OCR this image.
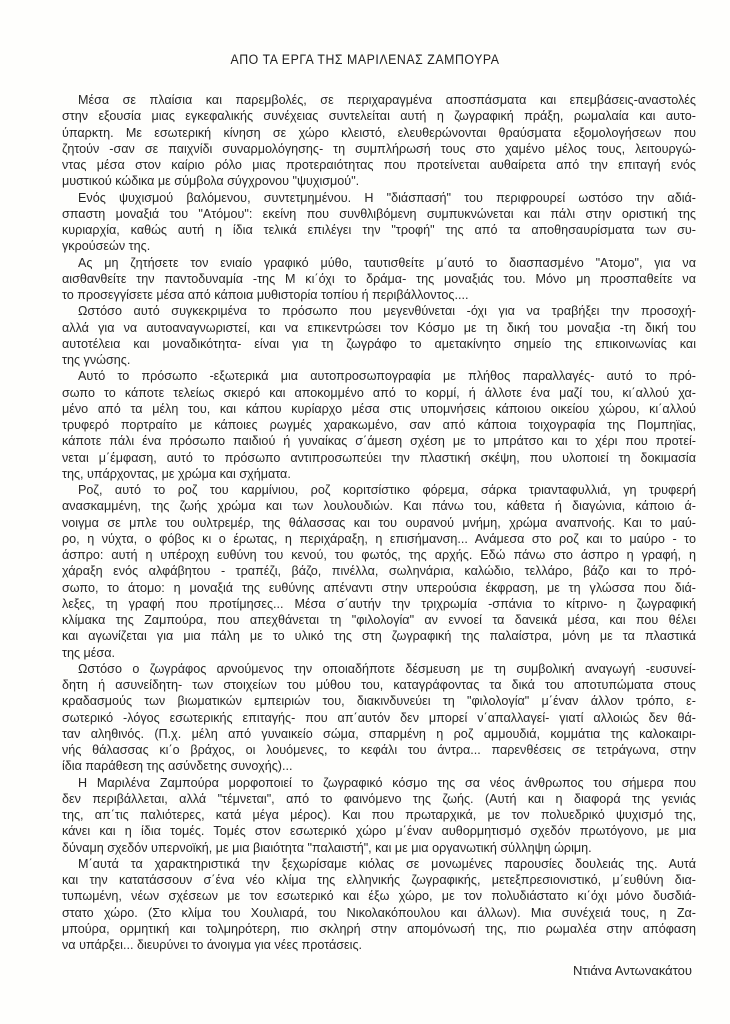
ΑΠΟ ΤΑ ΕΡΓΑ ΤΗΣ ΜΑΡΙΛΕΝΑΣ ΖΑΜΠΟΥΡΑ
Μέσα σε πλαίσια και παρεμβολές, σε περιχαραγμένα αποσπάσματα και επεμβάσεις-αναστολές
στην εξουσία μιας εγκεφαλικής συνέχειας συντελείται αυτή η ζωγραφική πράξη, ρωμαλαία και αυτο-
ύπαρκτη. Με εσωτερική κίνηση σε χώρο κλειστό, ελευθερώνονται θραύσματα εξομολογήσεων που
ζητούν -σαν σε παιχνίδι συναρμολόγησης- τη συμπλήρωσή τους στο χαμένο μέλος τους, λειτουργώ-
ντας μέσα στον καίριο ρόλο μιας προτεραιότητας που προτείνεται αυθαίρετα από την επιταγή ενός
μυστικού κώδικα με σύμβολα σύγχρονου "ψυχισμού".
Ενός ψυχισμού βαλόμενου, συντετμημένου. Η "διάσπασή" του περιφρουρεί ωστόσο την αδιά-
σπαστη μοναξιά του "Ατόμου": εκείνη που συνθλιβόμενη συμπυκνώνεται και πάλι στην οριστική της
κυριαρχία, καθώς αυτή η ίδια τελικά επιλέγει την "τροφή" της από τα αποθησαυρίσματα των συ-
γκρούσεών της.
Ας μη ζητήσετε τον ενιαίο γραφικό μύθο, ταυτισθείτε μ΄αυτό το διασπασμένο "Ατομο", για να
αισθανθείτε την παντοδυναμία -της Μ κι΄όχι το δράμα- της μοναξιάς του. Μόνο μη προσπαθείτε να
το προσεγγίσετε μέσα από κάποια μυθιστορία τοπίου ή περιβάλλοντος....
Ωστόσο αυτό συγκεκριμένα το πρόσωπο που μεγενθύνεται -όχι για να τραβήξει την προσοχή-
αλλά για να αυτοαναγνωριστεί, και να επικεντρώσει τον Κόσμο με τη δική του μοναξια -τη δική του
αυτοτέλεια και μοναδικότητα- είναι για τη ζωγράφο το αμετακίνητο σημείο της επικοινωνίας και
της γνώσης.
Αυτό το πρόσωπο -εξωτερικά μια αυτοπροσωπογραφία με πλήθος παραλλαγές- αυτό το πρό-
σωπο το κάποτε τελείως σκιερό και αποκομμένο από το κορμί, ή άλλοτε ένα μαζί του, κι΄αλλού χα-
μένο από τα μέλη του, και κάπου κυρίαρχο μέσα στις υπομνήσεις κάποιου οικείου χώρου, κι΄αλλού
τρυφερό πορτραίτο με κάποιες ρωγμές χαρακωμένο, σαν από κάποια τοιχογραφία της Πομπηϊας,
κάποτε πάλι ένα πρόσωπο παιδιού ή γυναίκας σ΄άμεση σχέση με το μπράτσο και το χέρι που προτεί-
νεται μ΄έμφαση, αυτό το πρόσωπο αντιπροσωπεύει την πλαστική σκέψη, που υλοποιεί τη δοκιμασία
της, υπάρχοντας, με χρώμα και σχήματα.
Ροζ, αυτό το ροζ του καρμίνιου, ροζ κοριτσίστικο φόρεμα, σάρκα τριανταφυλλιά, γη τρυφερή
ανασκαμμένη, της ζωής χρώμα και των λουλουδιών. Και πάνω του, κάθετα ή διαγώνια, κάποιο ά-
νοιγμα σε μπλε του ουλτρεμέρ, της θάλασσας και του ουρανού μνήμη, χρώμα αναπνοής. Και το μαύ-
ρο, η νύχτα, ο φόβος κι ο έρωτας, η περιχάραξη, η επισήμανση... Ανάμεσα στο ροζ και το μαύρο - το
άσπρο: αυτή η υπέροχη ευθύνη του κενού, του φωτός, της αρχής. Εδώ πάνω στο άσπρο η γραφή, η
χάραξη ενός αλφάβητου - τραπέζι, βάζο, πινέλλα, σωληνάρια, καλώδιο, τελλάρο, βάζο και το πρό-
σωπο, το άτομο: η μοναξιά της ευθύνης απέναντι στην υπερούσια έκφραση, με τη γλώσσα που διά-
λεξες, τη γραφή που προτίμησες... Μέσα σ΄αυτήν την τριχρωμία -σπάνια το κίτρινο- η ζωγραφική
κλίμακα της Ζαμπούρα, που απεχθάνεται τη "φιλολογία" αν εννοεί τα δανεικά μέσα, και που θέλει
και αγωνίζεται για μια πάλη με το υλικό της στη ζωγραφική της παλαίστρα, μόνη με τα πλαστικά
της μέσα.
Ωστόσο ο ζωγράφος αρνούμενος την οποιαδήποτε δέσμευση με τη συμβολική αναγωγή -ευσυνεί-
δητη ή ασυνείδητη- των στοιχείων του μύθου του, καταγράφοντας τα δικά του αποτυπώματα στους
κραδασμούς των βιωματικών εμπειριών του, διακινδυνεύει τη "φιλολογία" μ΄έναν άλλον τρόπο, ε-
σωτερικό -λόγος εσωτερικής επιταγής- που απ΄αυτόν δεν μπορεί ν΄απαλλαγεί- γιατί αλλοιώς δεν θά-
ταν αληθινός. (Π.χ. μέλη από γυναικείο σώμα, σπαρμένη η ροζ αμμουδιά, κομμάτια της καλοκαιρι-
νής θάλασσας κι΄ο βράχος, οι λουόμενες, το κεφάλι του άντρα... παρενθέσεις σε τετράγωνα, στην
ίδια παράθεση της ασύνδετης συνοχής)...
Η Μαριλένα Ζαμπούρα μορφοποιεί το ζωγραφικό κόσμο της σα νέος άνθρωπος του σήμερα που
δεν περιβάλλεται, αλλά "τέμνεται", από το φαινόμενο της ζωής. (Αυτή και η διαφορά της γενιάς
της, απ΄τις παλιότερες, κατά μέγα μέρος). Και που πρωταρχικά, με τον πολυεδρικό ψυχισμό της,
κάνει και η ίδια τομές. Τομές στον εσωτερικό χώρο μ΄έναν αυθορμητισμό σχεδόν πρωτόγονο, με μια
δύναμη σχεδόν υπερνοϊκή, με μια βιαιότητα "παλαιστή", και με μια οργανωτική σύλληψη ώριμη.
Μ΄αυτά τα χαρακτηριστικά την ξεχωρίσαμε κιόλας σε μονωμένες παρουσίες δουλειάς της. Αυτά
και την κατατάσσουν σ΄ένα νέο κλίμα της ελληνικής ζωγραφικής, μετεξπρεσιονιστικό, μ΄ευθύνη δια-
τυπωμένη, νέων σχέσεων με τον εσωτερικό και έξω χώρο, με τον πολυδιάστατο κι΄όχι μόνο δυσδιά-
στατο χώρο. (Στο κλίμα του Χουλιαρά, του Νικολακόπουλου και άλλων). Μια συνέχειά τους, η Ζα-
μπούρα, ορμητική και τολμηρότερη, πιο σκληρή στην απομόνωσή της, πιο ρωμαλέα στην απόφαση
να υπάρξει... διευρύνει το άνοιγμα για νέες προτάσεις.
Ντιάνα Αντωνακάτου
